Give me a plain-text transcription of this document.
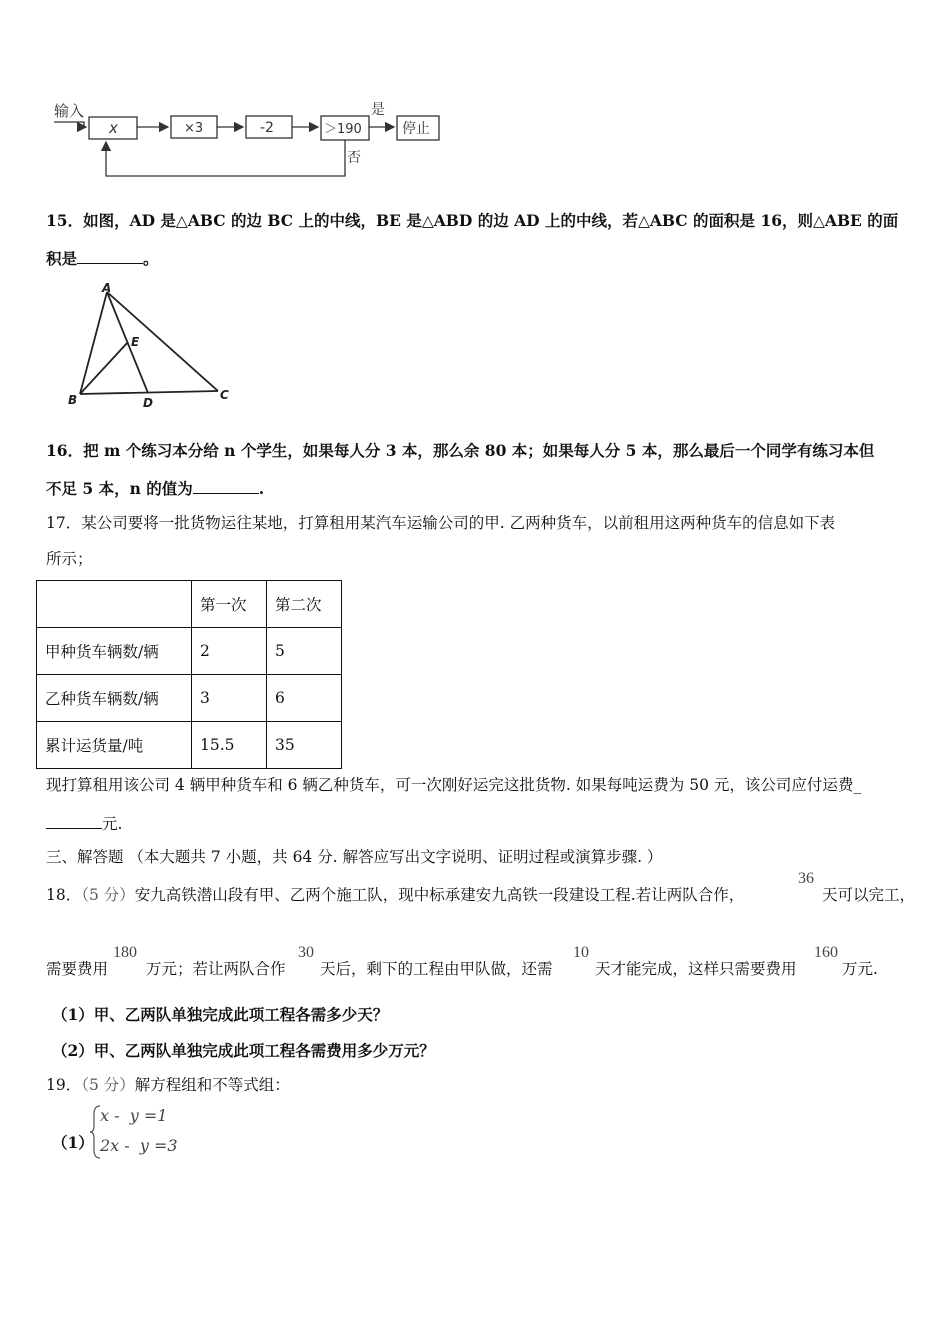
输入
x	×3	-2	＞190
是
停止
否
15．如图，AD 是△ABC 的边 BC 上的中线，BE 是△ABD 的边 AD 上的中线，若△ABC 的面积是 16，则△ABE 的面
积是	。
A
B	C
D
E
16．把 m 个练习本分给 n 个学生，如果每人分 3 本，那么余 80 本；如果每人分 5 本，那么最后一个同学有练习本但
不足 5 本，n 的值为	.
17．某公司要将一批货物运往某地，打算租用某汽车运输公司的甲. 乙两种货车，以前租用这两种货车的信息如下表
所示；
	第一次	第二次
甲种货车辆数/辆	2	5
乙种货车辆数/辆	3	6
累计运货量/吨	15.5	35
现打算租用该公司 4 辆甲种货车和 6 辆乙种货车，可一次刚好运完这批货物. 如果每吨运费为 50 元，该公司应付运费_
元.
三、解答题 （本大题共 7 小题，共 64 分. 解答应写出文字说明、证明过程或演算步骤. ）
18．（5 分）安九高铁潜山段有甲、乙两个施工队，现中标承建安九高铁一段建设工程.若让两队合作，
36
天可以完工，
需要费用
180
万元；若让两队合作
30
天后，剩下的工程由甲队做，还需
10
天才能完成，这样只需要费用
160
万元.
（1）甲、乙两队单独完成此项工程各需多少天？
（2）甲、乙两队单独完成此项工程各需费用多少万元？
19．（5 分）解方程组和不等式组：
（1）
x -  y =1
2x -  y =3
